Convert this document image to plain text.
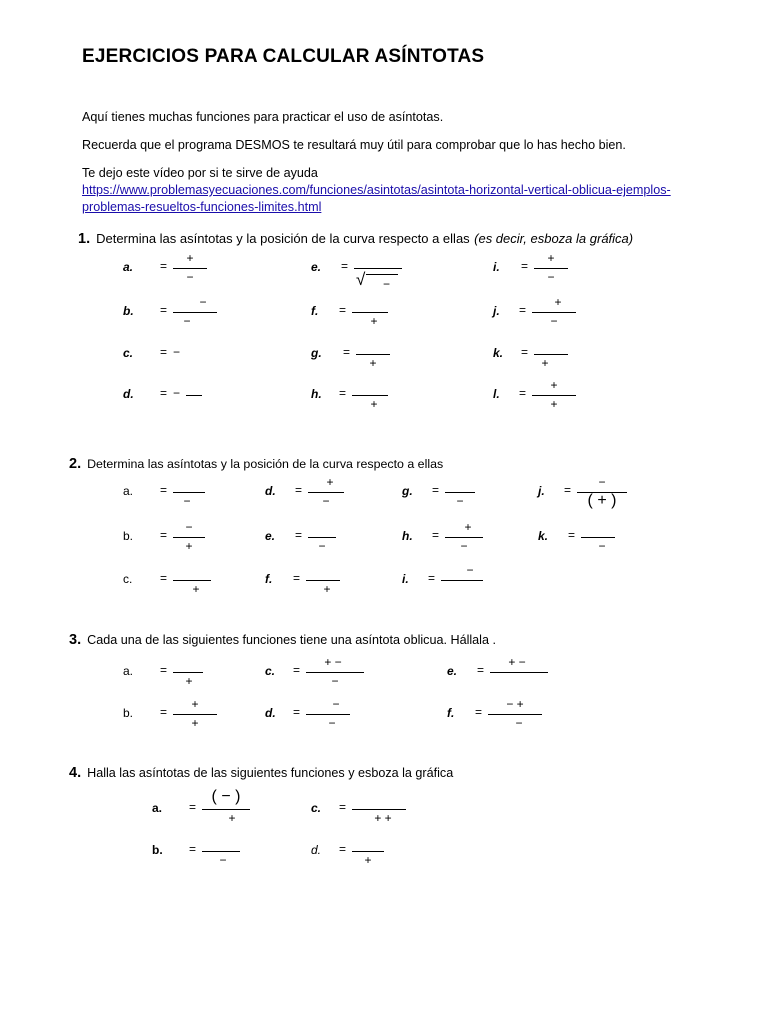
EJERCICIOS PARA CALCULAR ASÍNTOTAS
Aquí tienes muchas funciones para practicar el uso de asíntotas.
Recuerda que el programa DESMOS te resultará muy útil para comprobar que lo has hecho bien.
Te dejo este vídeo por si te sirve de ayuda
https://www.problemasyecuaciones.com/funciones/asintotas/asintota-horizontal-vertical-oblicua-ejemplos-
problemas-resueltos-funciones-limites.html
1. Determina las asíntotas y la posición de la curva respecto a ellas (es decir, esboza la gráfica)
a. =
+
−
b. =
−
−
c. = −
d. = −
e. =
√ −
f. =
+
g. =
+
h. =
+
i. =
+
−
j. =
+
−
k. =
+
l. =
+
+
2. Determina las asíntotas y la posición de la curva respecto a ellas
a. =
−
b. =
−
+
c. =
+
d. =
+
−
e. =
−
f. =
+
g. =
−
h. =
+
−
i. =
−
j. =
−
( + )
k. =
−
3. Cada una de las siguientes funciones tiene una asíntota oblicua. Hállala .
a. =
+
b. =
+
+
c. =
+ −
−
d. =
−
−
e. =
+ −
f. =
− +
−
4. Halla las asíntotas de las siguientes funciones y esboza la gráfica
a. =
( − )
+
b. =
−
c. =
+ +
d. =
+
